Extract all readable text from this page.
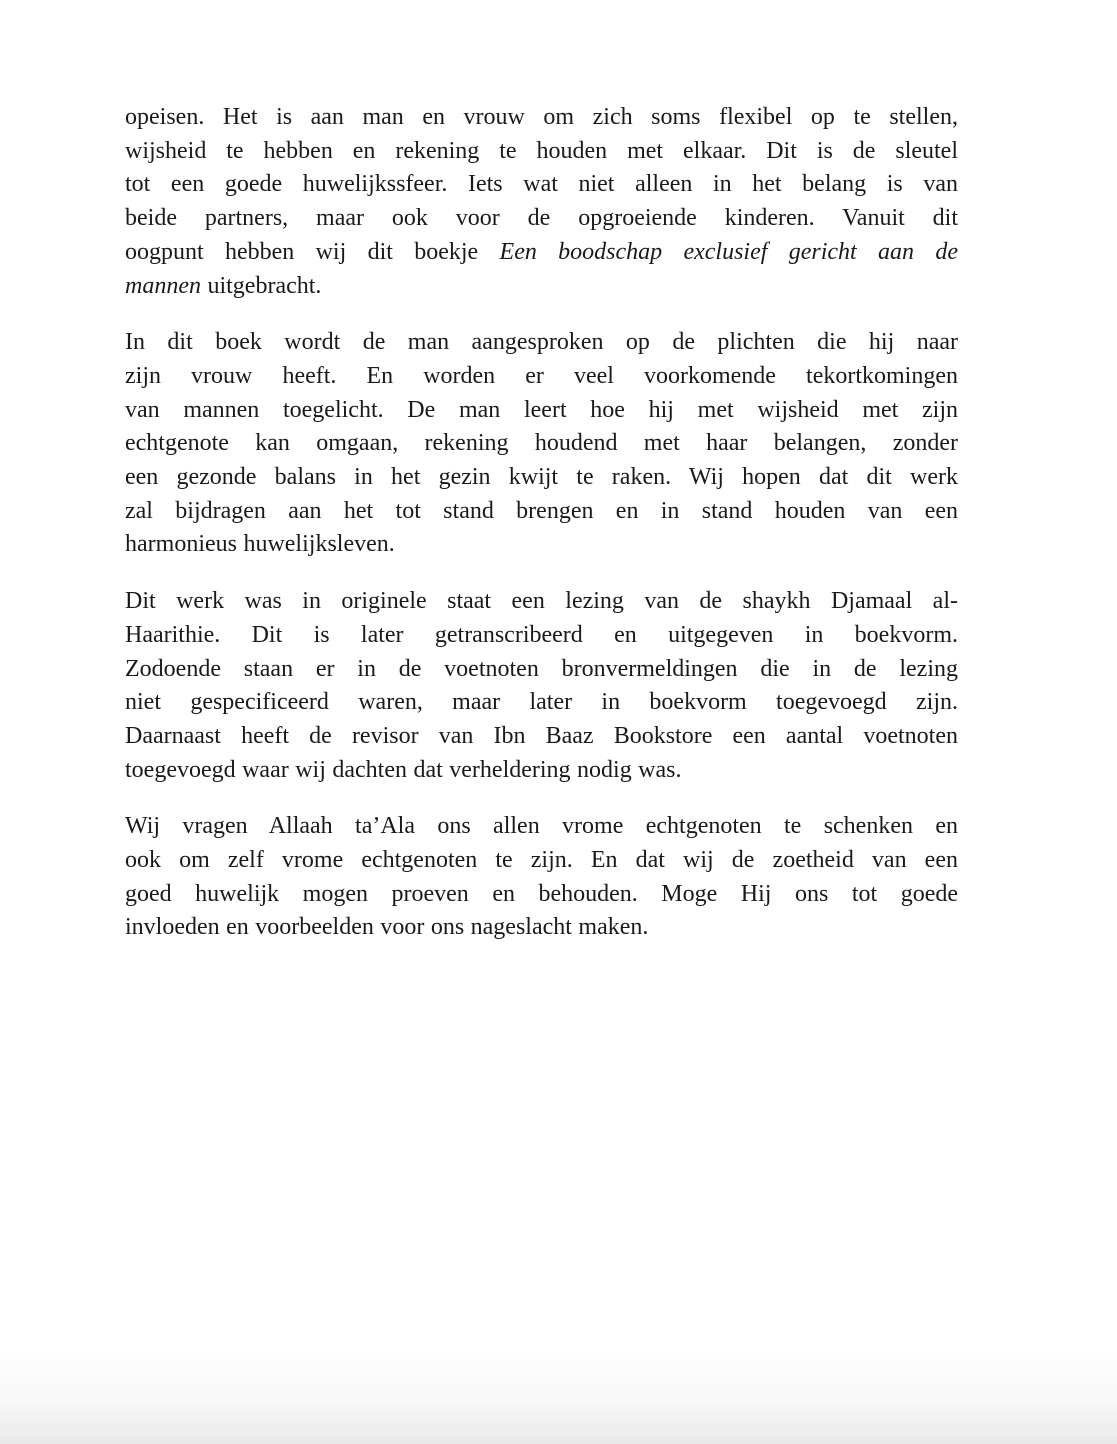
opeisen. Het is aan man en vrouw om zich soms flexibel op te stellen,
wijsheid te hebben en rekening te houden met elkaar. Dit is de sleutel
tot een goede huwelijkssfeer. Iets wat niet alleen in het belang is van
beide partners, maar ook voor de opgroeiende kinderen. Vanuit dit
oogpunt hebben wij dit boekje Een boodschap exclusief gericht aan de
mannen uitgebracht.
In dit boek wordt de man aangesproken op de plichten die hij naar
zijn vrouw heeft. En worden er veel voorkomende tekortkomingen
van mannen toegelicht. De man leert hoe hij met wijsheid met zijn
echtgenote kan omgaan, rekening houdend met haar belangen, zonder
een gezonde balans in het gezin kwijt te raken. Wij hopen dat dit werk
zal bijdragen aan het tot stand brengen en in stand houden van een
harmonieus huwelijksleven.
Dit werk was in originele staat een lezing van de shaykh Djamaal al-
Haarithie. Dit is later getranscribeerd en uitgegeven in boekvorm.
Zodoende staan er in de voetnoten bronvermeldingen die in de lezing
niet gespecificeerd waren, maar later in boekvorm toegevoegd zijn.
Daarnaast heeft de revisor van Ibn Baaz Bookstore een aantal voetnoten
toegevoegd waar wij dachten dat verheldering nodig was.
Wij vragen Allaah ta’Ala ons allen vrome echtgenoten te schenken en
ook om zelf vrome echtgenoten te zijn. En dat wij de zoetheid van een
goed huwelijk mogen proeven en behouden. Moge Hij ons tot goede
invloeden en voorbeelden voor ons nageslacht maken.
